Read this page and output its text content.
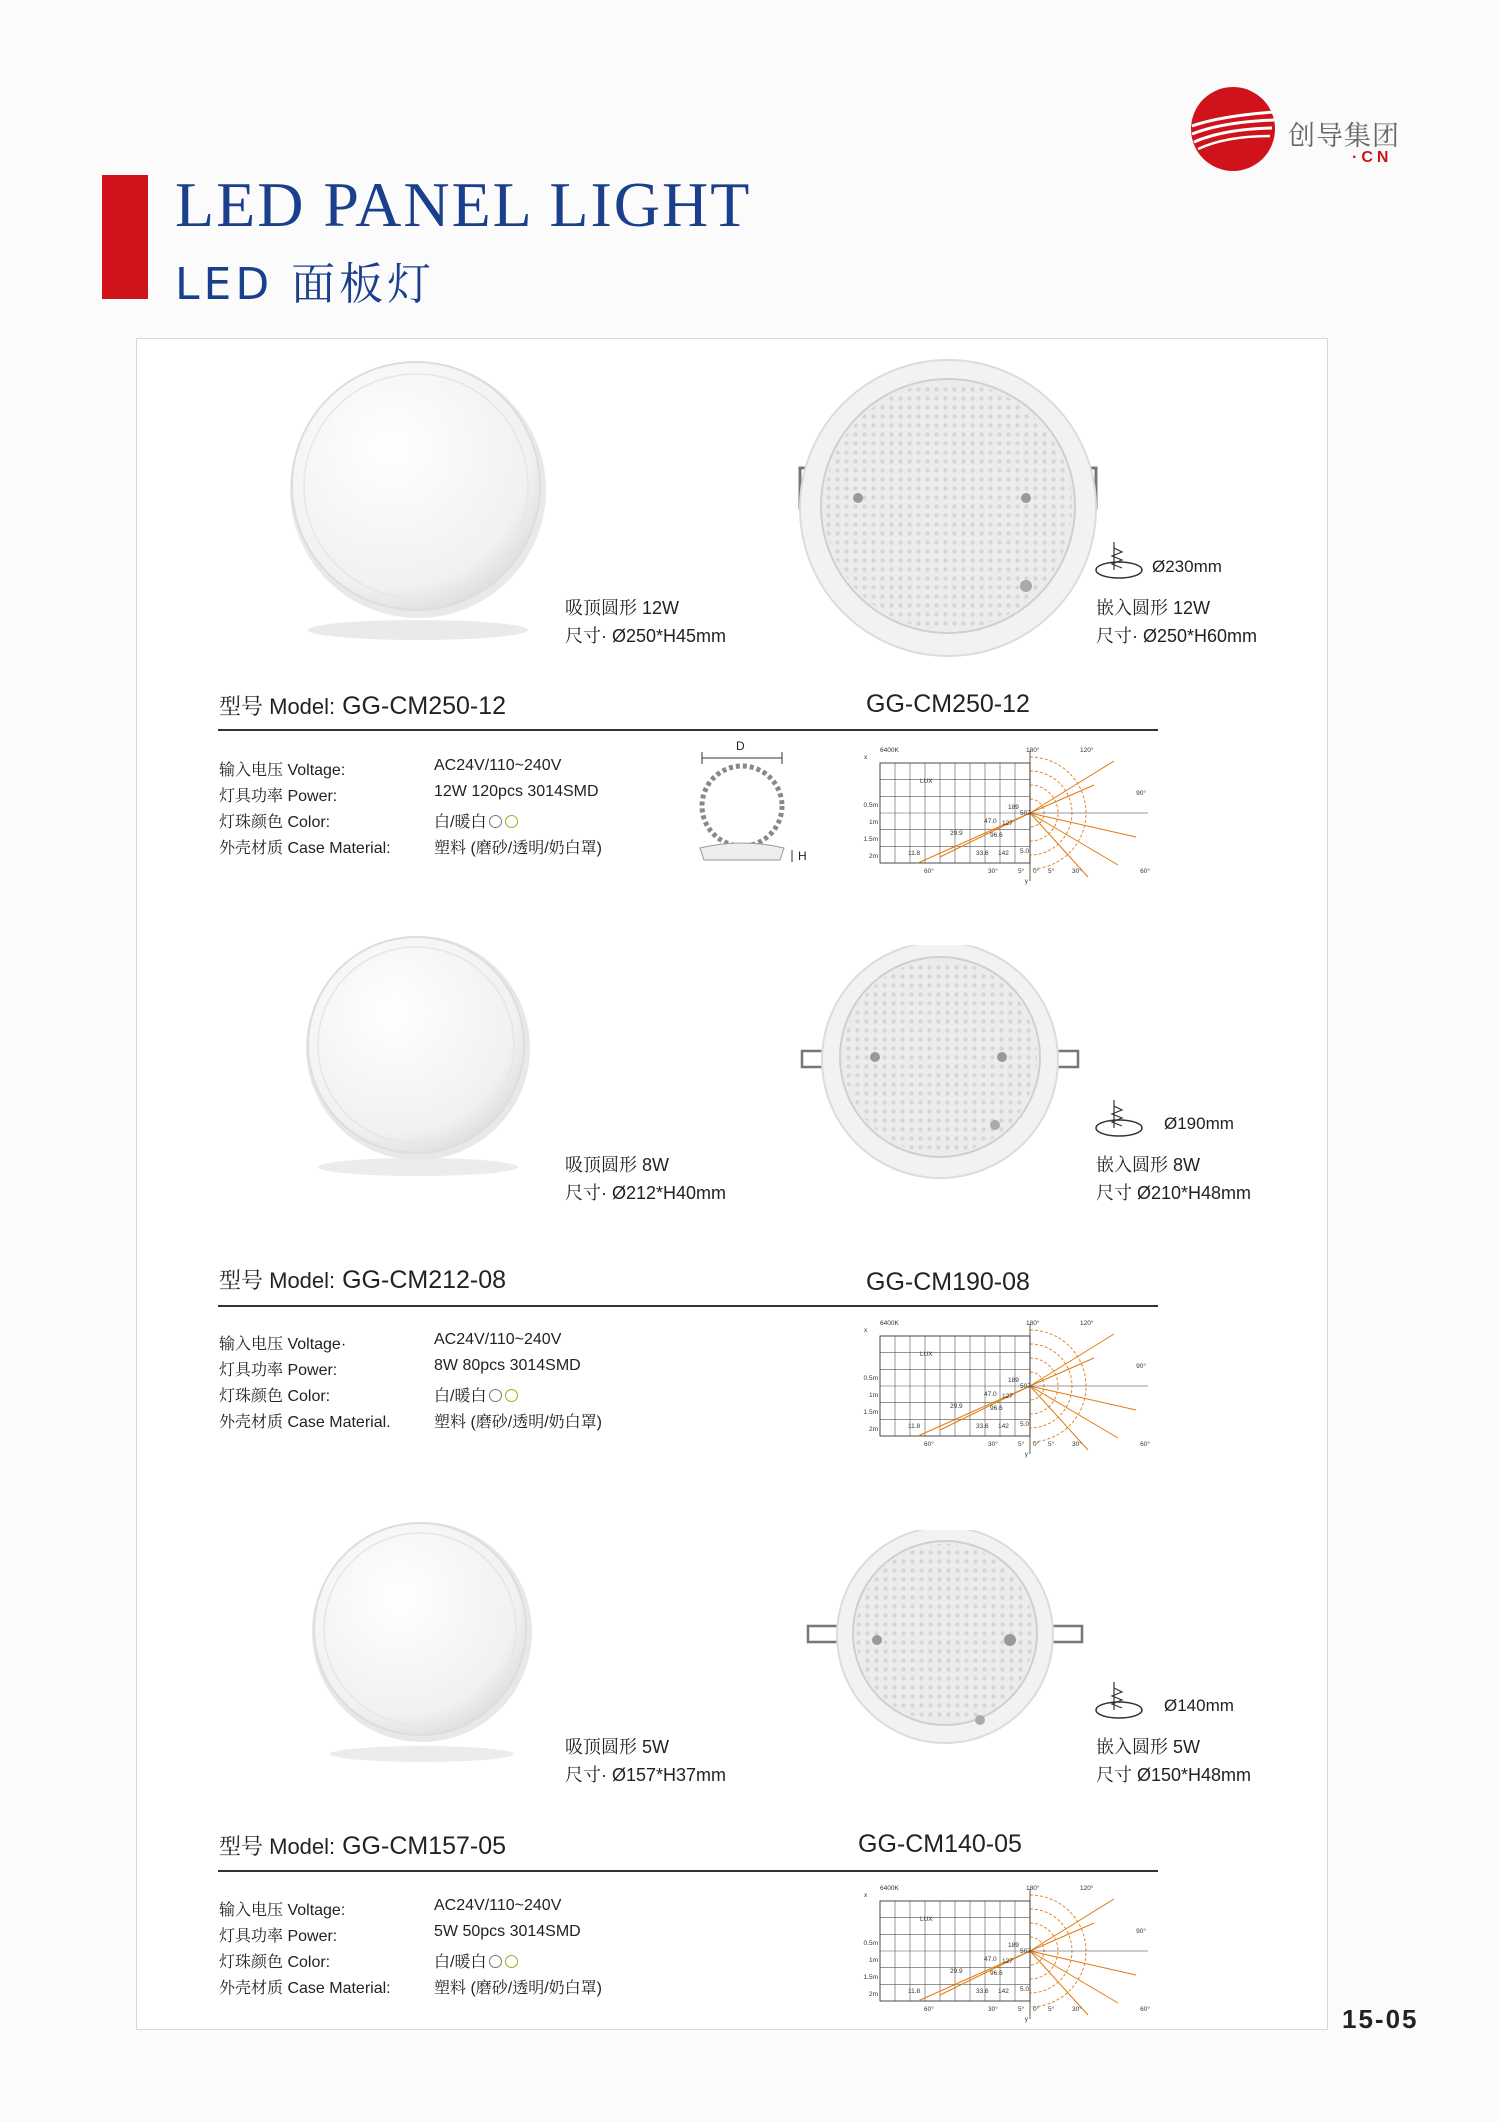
LED PANEL LIGHT
LED 面板灯
创导集团
·CN
吸顶圆形 12W
尺寸· Ø250*H45mm
Ø230mm
嵌入圆形 12W
尺寸· Ø250*H60mm
型号 Model: GG-CM250-12	GG-CM250-12
输入电压 Voltage:	AC24V/110~240V
灯具功率 Power:	12W 120pcs 3014SMD
灯珠颜色 Color:	白/暖白
外壳材质 Case Material:	塑料 (磨砂/透明/奶白罩)
D
H
6400K
x
LUX
180°	120°
90°
60°
60°	30°	5° 0° 5°	30°
0.5m
1m
1.5m
2m
189
507
47.0 127
29.9	96.6
11.8	33.6 142 5.0
y
吸顶圆形 8W
尺寸· Ø212*H40mm
Ø190mm
嵌入圆形 8W
尺寸 Ø210*H48mm
型号 Model: GG-CM212-08	GG-CM190-08
输入电压 Voltage·	AC24V/110~240V
灯具功率 Power:	8W 80pcs 3014SMD
灯珠颜色 Color:	白/暖白
外壳材质 Case Material.	塑料 (磨砂/透明/奶白罩)
6400K
x
LUX
180°	120°
90°
60°
60°	30°	5° 0° 5°	30°
0.5m
1m
1.5m
2m
189
507
47.0 127
29.9	96.6
11.8	33.6 142 5.0
y
吸顶圆形 5W
尺寸· Ø157*H37mm
Ø140mm
嵌入圆形 5W
尺寸 Ø150*H48mm
型号 Model: GG-CM157-05	GG-CM140-05
输入电压 Voltage:	AC24V/110~240V
灯具功率 Power:	5W 50pcs 3014SMD
灯珠颜色 Color:	白/暖白
外壳材质 Case Material:	塑料 (磨砂/透明/奶白罩)
6400K
x
LUX
180°	120°
90°
60°
60°	30°	5° 0° 5°	30°
0.5m
1m
1.5m
2m
189
507
47.0 127
29.9	96.6
11.8	33.6 142 5.0
y	15-05
